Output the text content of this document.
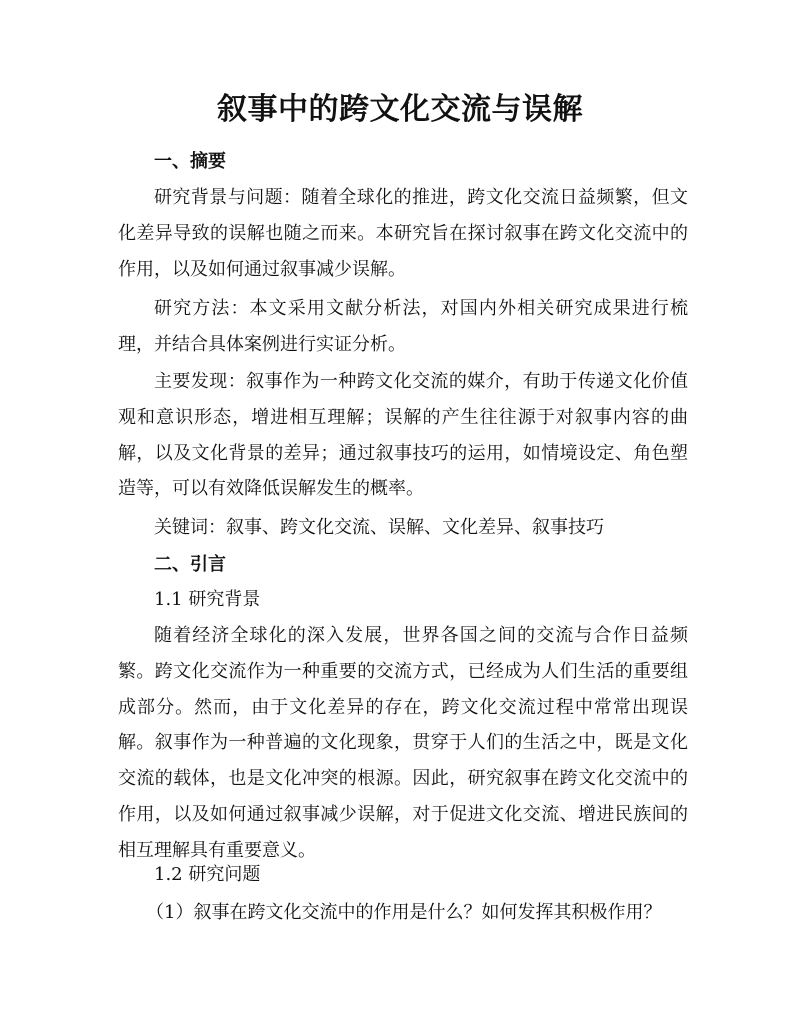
叙事中的跨文化交流与误解
一、摘要
研究背景与问题：随着全球化的推进，跨文化交流日益频繁，但文化差异导致的误解也随之而来。本研究旨在探讨叙事在跨文化交流中的作用，以及如何通过叙事减少误解。
研究方法：本文采用文献分析法，对国内外相关研究成果进行梳理，并结合具体案例进行实证分析。
主要发现：叙事作为一种跨文化交流的媒介，有助于传递文化价值观和意识形态，增进相互理解；误解的产生往往源于对叙事内容的曲解，以及文化背景的差异；通过叙事技巧的运用，如情境设定、角色塑造等，可以有效降低误解发生的概率。
关键词：叙事、跨文化交流、误解、文化差异、叙事技巧
二、引言
1.1 研究背景
随着经济全球化的深入发展，世界各国之间的交流与合作日益频繁。跨文化交流作为一种重要的交流方式，已经成为人们生活的重要组成部分。然而，由于文化差异的存在，跨文化交流过程中常常出现误解。叙事作为一种普遍的文化现象，贯穿于人们的生活之中，既是文化交流的载体，也是文化冲突的根源。因此，研究叙事在跨文化交流中的作用，以及如何通过叙事减少误解，对于促进文化交流、增进民族间的相互理解具有重要意义。
1.2 研究问题
（1）叙事在跨文化交流中的作用是什么？如何发挥其积极作用？
